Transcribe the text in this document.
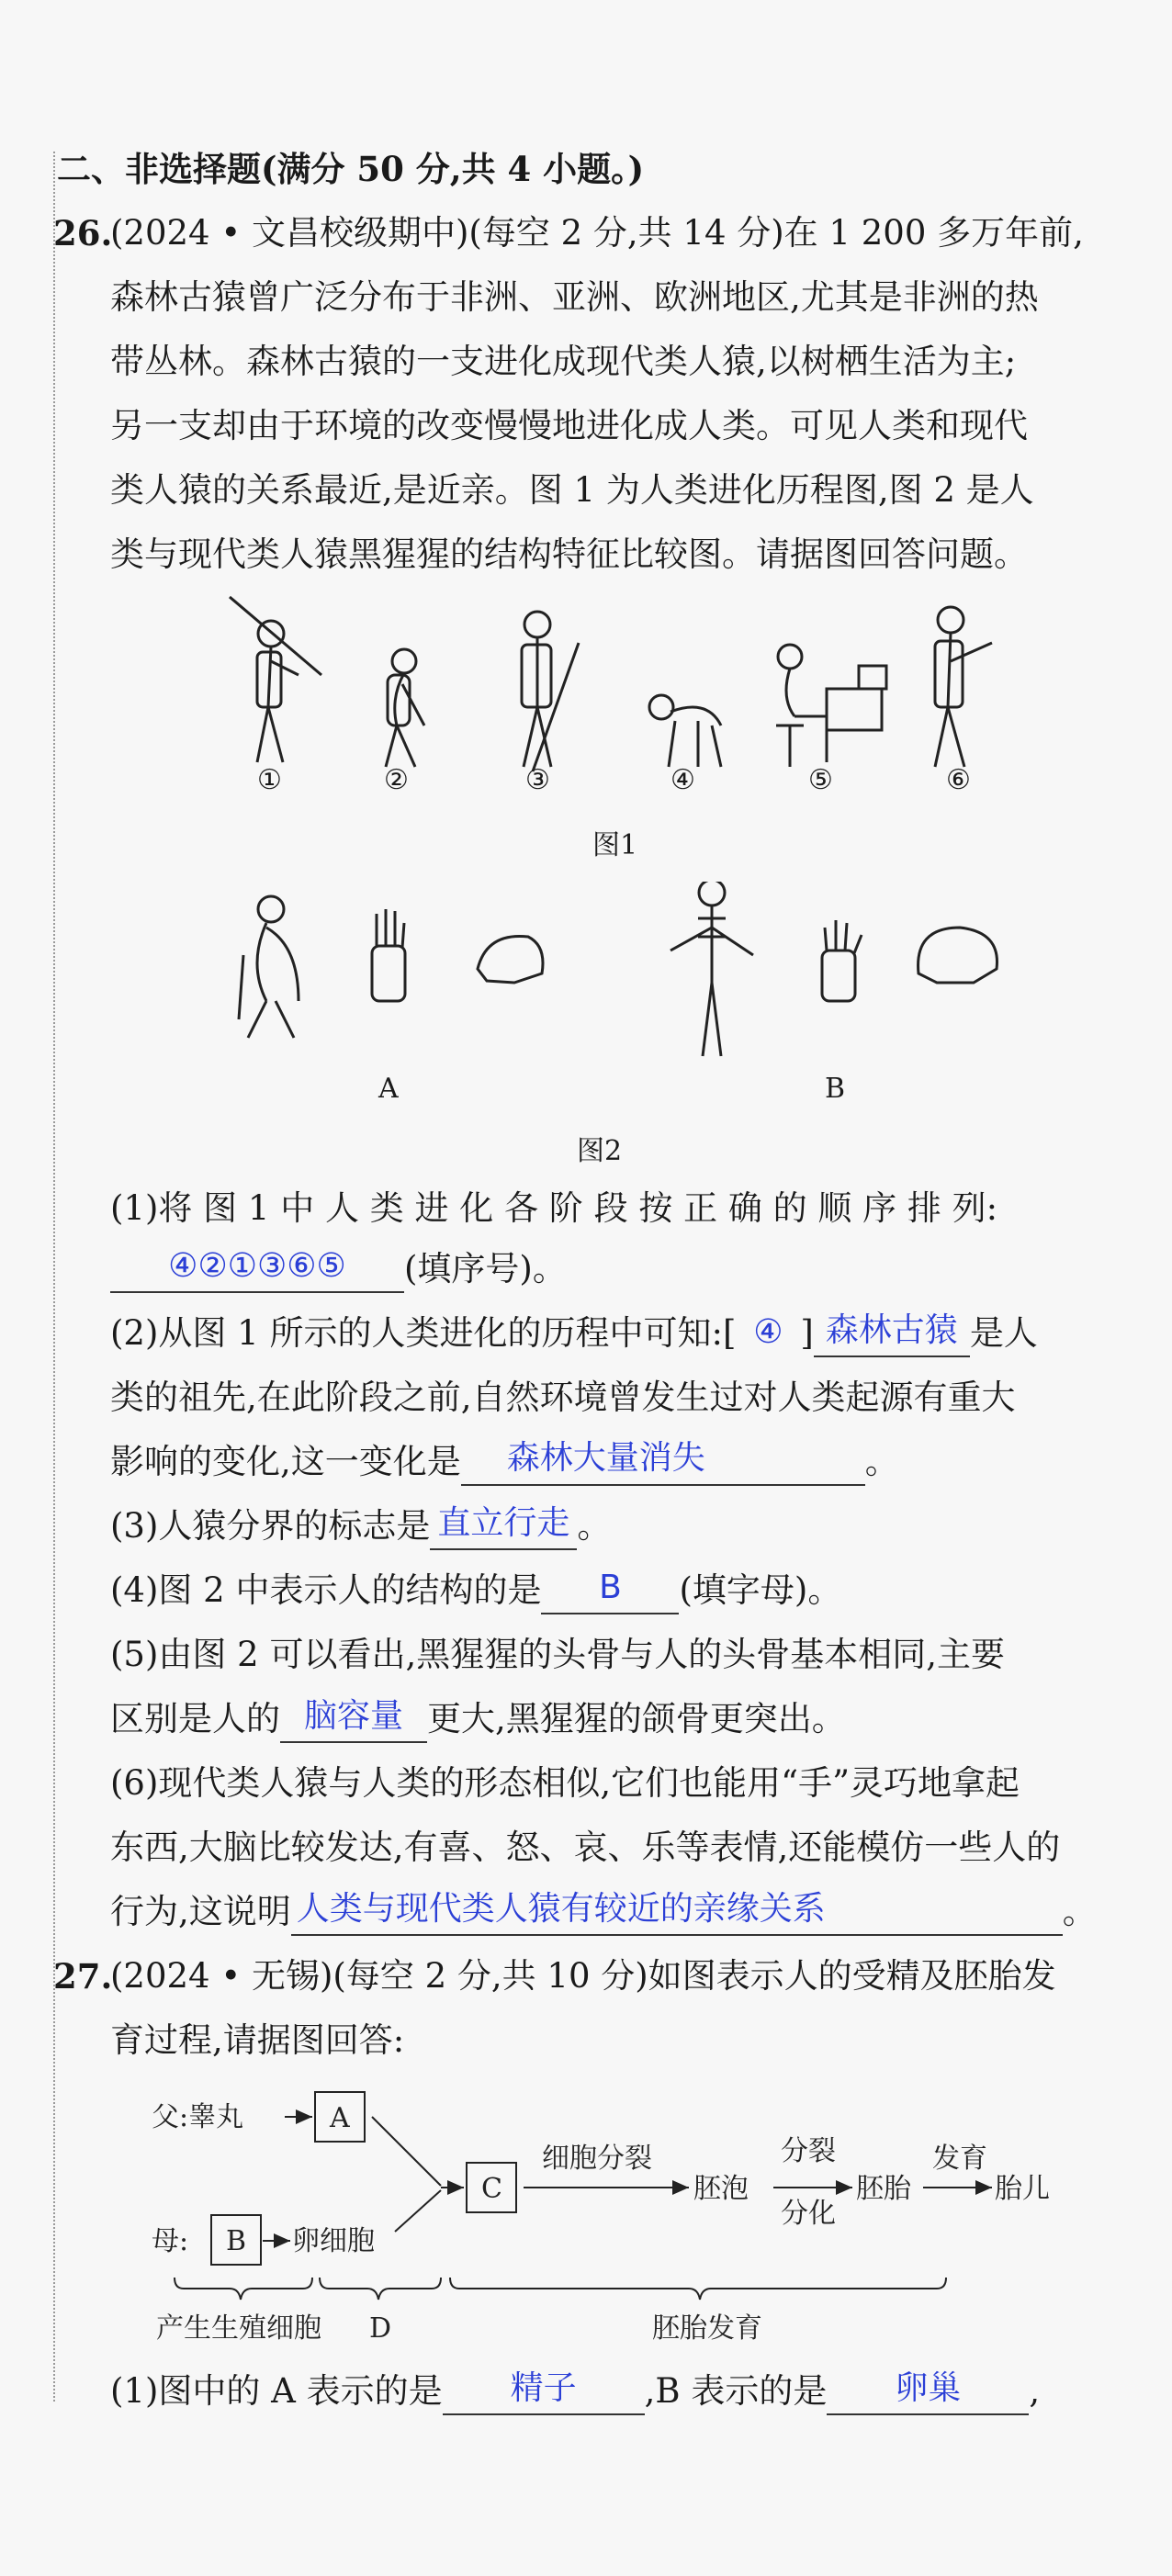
二、非选择题(满分 50 分,共 4 小题。)
26.
(2024 • 文昌校级期中)(每空 2 分,共 14 分)在 1 200 多万年前,
森林古猿曾广泛分布于非洲、亚洲、欧洲地区,尤其是非洲的热
带丛林。森林古猿的一支进化成现代类人猿,以树栖生活为主;
另一支却由于环境的改变慢慢地进化成人类。可见人类和现代
类人猿的关系最近,是近亲。图 1 为人类进化历程图,图 2 是人
类与现代类人猿黑猩猩的结构特征比较图。请据图回答问题。
①	②	③	④	⑤	⑥
图1
A	B
图2
(1)将 图 1 中 人 类 进 化 各 阶 段 按 正 确 的 顺 序 排 列:
④②①③⑥⑤ (填序号)。
(2)从图 1 所示的人类进化的历程中可知:[ ④ ] 森林古猿 是人
类的祖先,在此阶段之前,自然环境曾发生过对人类起源有重大
影响的变化,这一变化是 森林大量消失	。
(3)人猿分界的标志是 直立行走 。
(4)图 2 中表示人的结构的是 B (填字母)。
(5)由图 2 可以看出,黑猩猩的头骨与人的头骨基本相同,主要
区别是人的 脑容量 更大,黑猩猩的颌骨更突出。
(6)现代类人猿与人类的形态相似,它们也能用“手”灵巧地拿起
东西,大脑比较发达,有喜、怒、哀、乐等表情,还能模仿一些人的
行为,这说明 人类与现代类人猿有较近的亲缘关系	。
27.
(2024 • 无锡)(每空 2 分,共 10 分)如图表示人的受精及胚胎发
育过程,请据图回答:
父:睾丸	A
母: B 卵细胞
C
细胞分裂
胚泡
分裂
分化
胚胎
发育
胎儿
产生生殖细胞 D	胚胎发育
(1)图中的 A 表示的是 精子 ,B 表示的是 卵巢 ,
